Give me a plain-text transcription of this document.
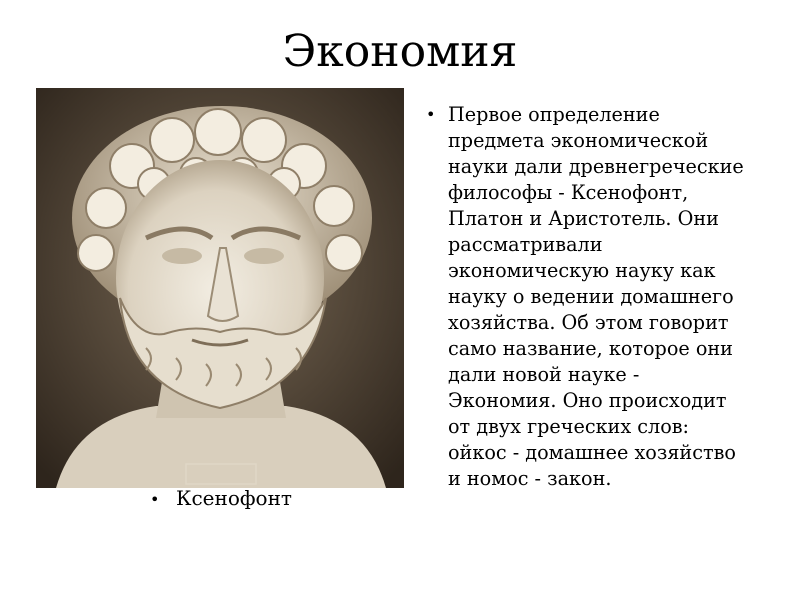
Экономия
• Ксенофонт
• Первое определение
предмета экономической
науки дали древнегреческие
философы - Ксенофонт,
Платон и Аристотель. Они
рассматривали
экономическую науку как
науку о ведении домашнего
хозяйства. Об этом говорит
само название, которое они
дали новой науке -
Экономия. Оно происходит
от двух греческих слов:
ойкос - домашнее хозяйство
и номос - закон.
